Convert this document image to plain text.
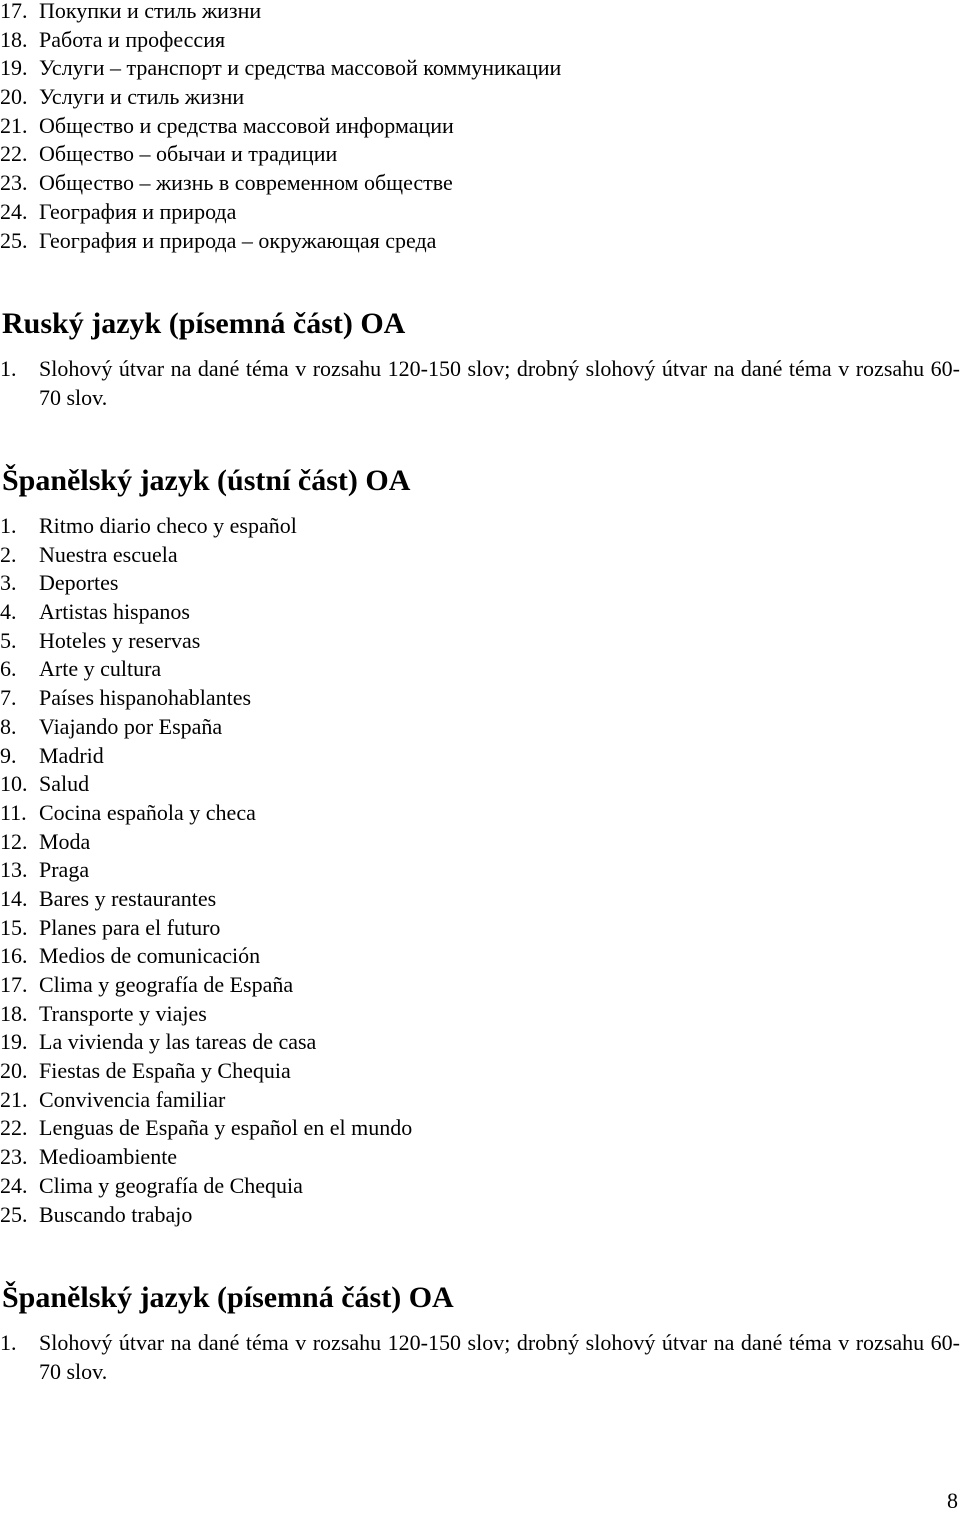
17. Покупки и стиль жизни
18. Работа и профессия
19. Услуги – транспорт и средства массовой коммуникации
20. Услуги и стиль жизни
21. Общество и средства массовой информации
22. Общество – обычаи и традиции
23. Общество – жизнь в современном обществе
24. География и природа
25. География и природа – окружающая среда
Ruský jazyk (písemná část) OA
1.	Slohový útvar na dané téma v rozsahu 120-150 slov; drobný slohový útvar na dané téma v rozsahu 60-70 slov.
Španělský jazyk (ústní část) OA
1.	Ritmo diario checo y español
2.	Nuestra escuela
3.	Deportes
4.	Artistas hispanos
5.	Hoteles y reservas
6.	Arte y cultura
7.	Países hispanohablantes
8.	Viajando por España
9.	Madrid
10. Salud
11. Cocina española y checa
12. Moda
13. Praga
14. Bares y restaurantes
15. Planes para el futuro
16. Medios de comunicación
17. Clima y geografía de España
18. Transporte y viajes
19. La vivienda y las tareas de casa
20. Fiestas de España y Chequia
21. Convivencia familiar
22. Lenguas de España y español en el mundo
23. Medioambiente
24. Clima y geografía de Chequia
25. Buscando trabajo
Španělský jazyk (písemná část) OA
1.	Slohový útvar na dané téma v rozsahu 120-150 slov; drobný slohový útvar na dané téma v rozsahu 60-70 slov.
8
